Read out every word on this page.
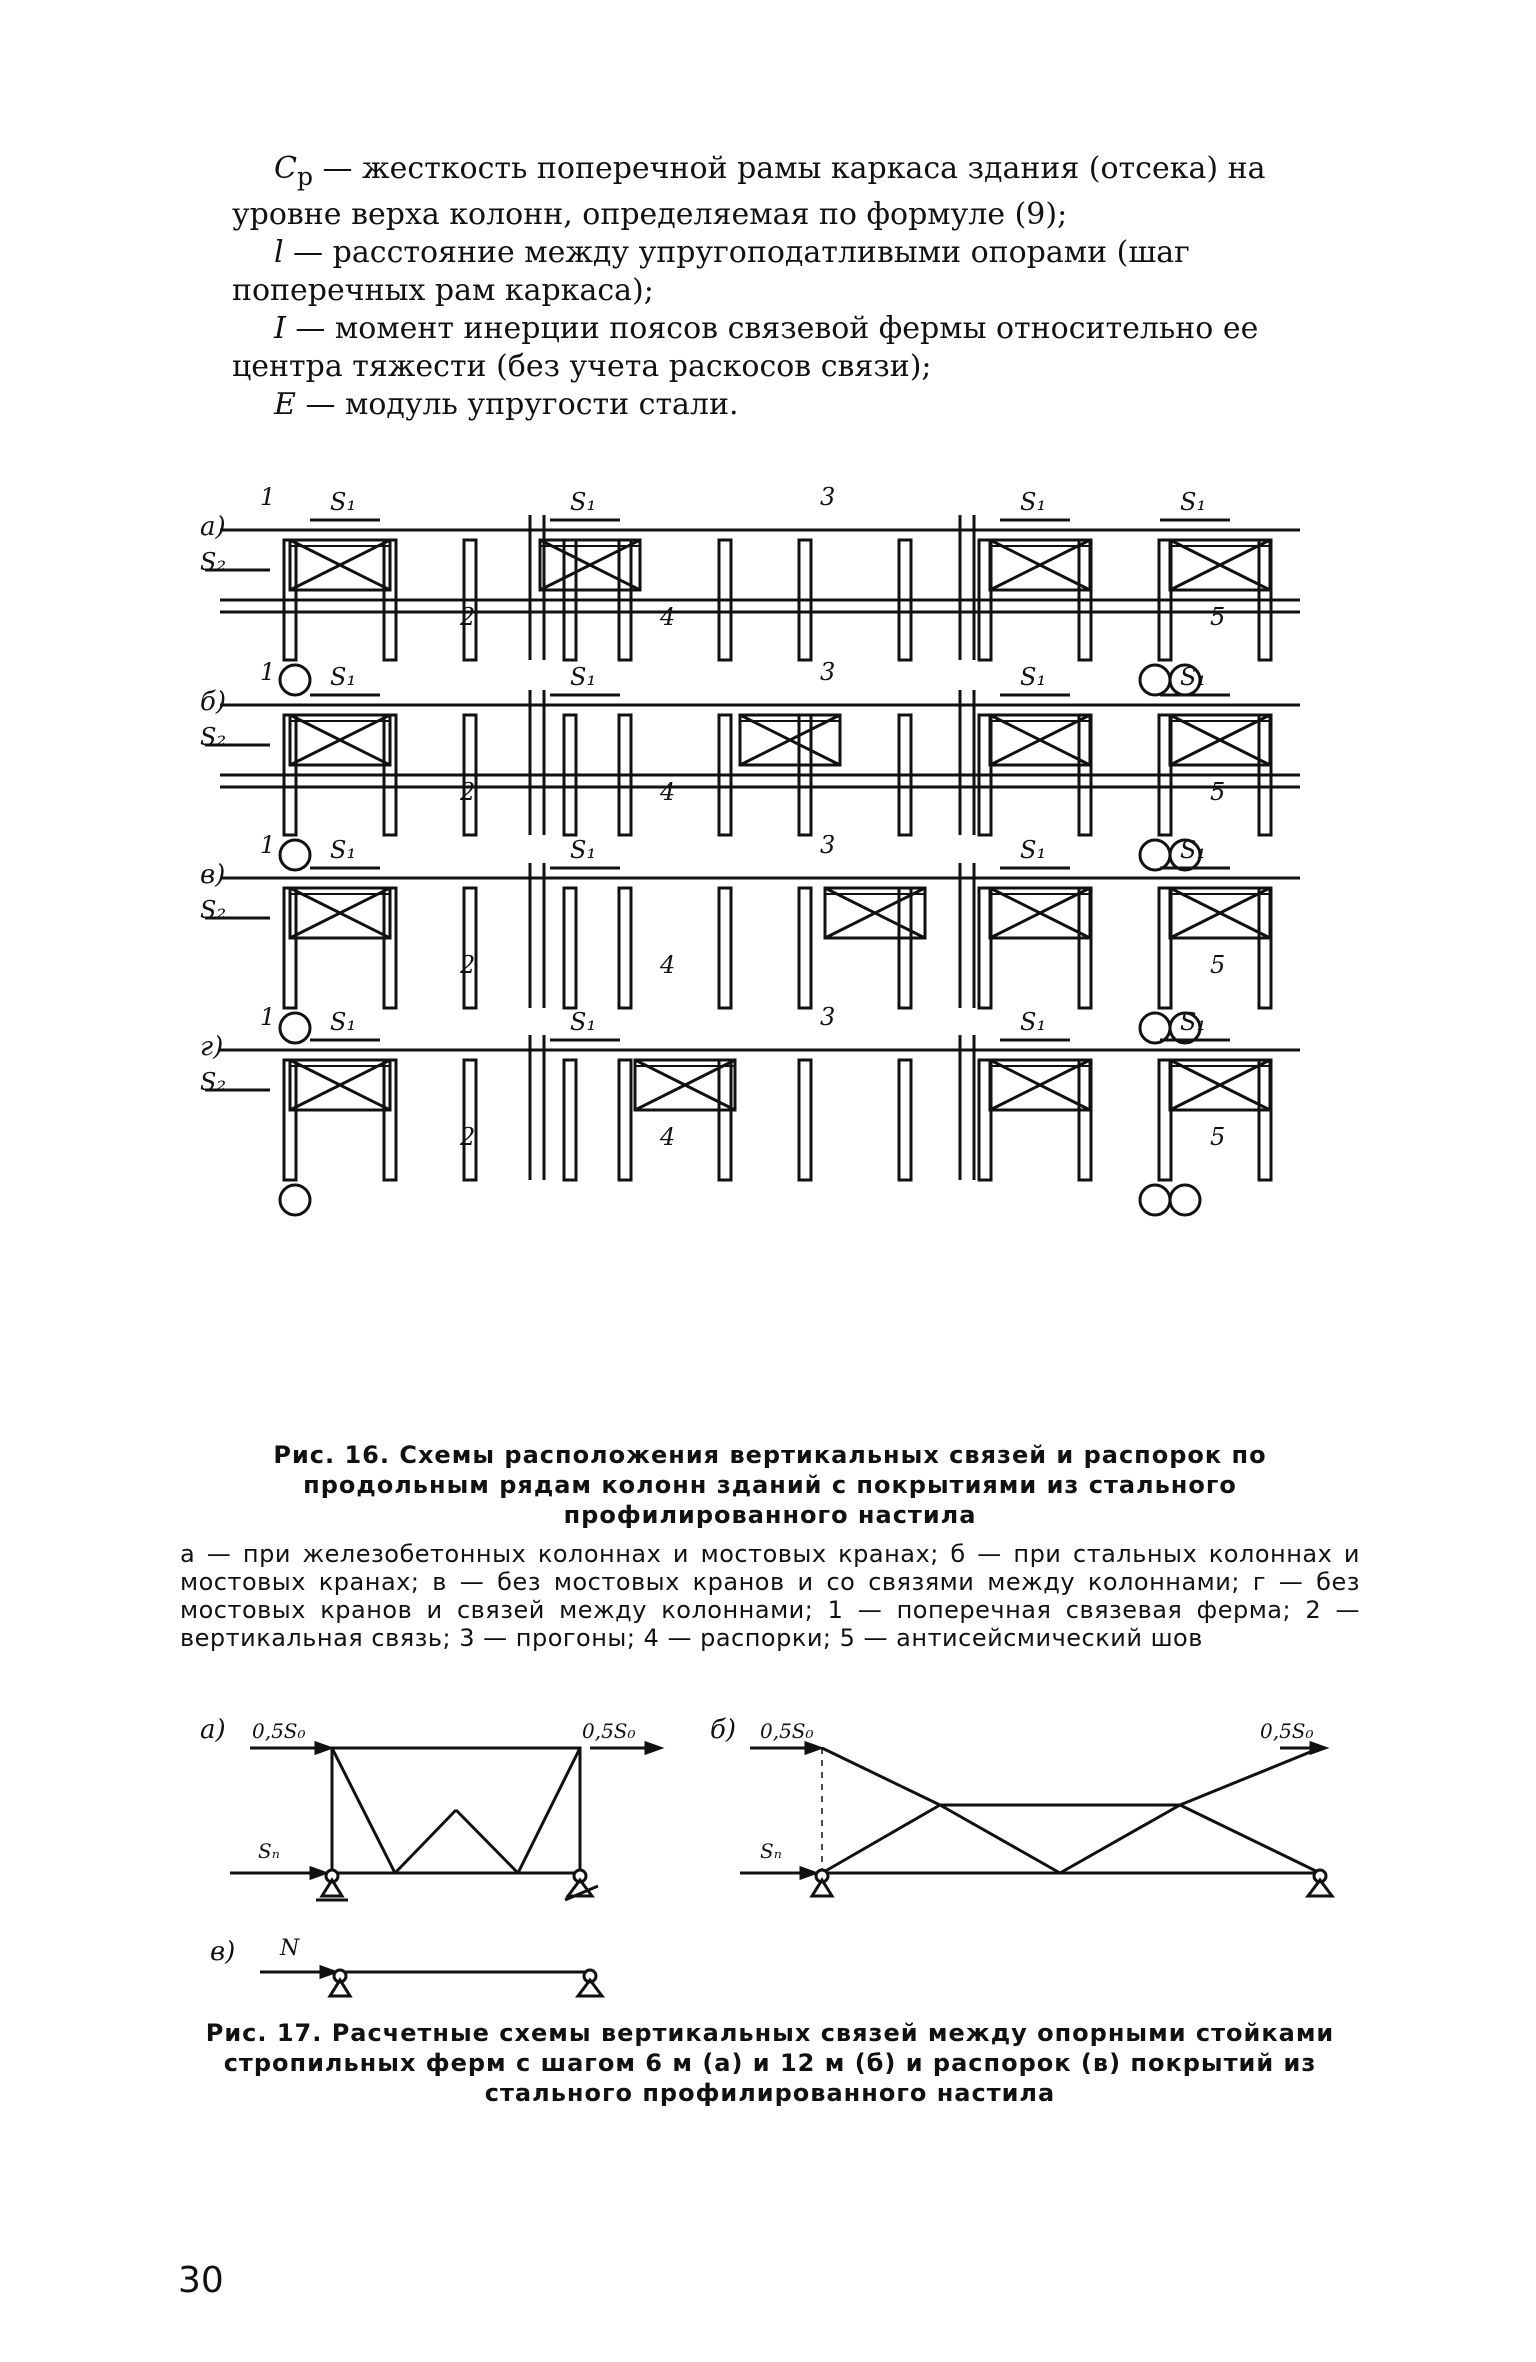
$C_р$ — жесткость поперечной рамы каркаса здания (отсека) на уровне верха колонн, определяемая по формуле (9);

l — расстояние между упругоподатливыми опорами (шаг поперечных рам каркаса);

I — момент инерции поясов связевой фермы относительно ее центра тяжести (без учета раскосов связи);

E — модуль упругости стали.

а)
S₂
S₁	S₁	S₁	S₁
1
2
3
4	5
б)
S₂
S₁	S₁	S₁	S₁
1
2
3
4	5
в)
S₂
S₁	S₁	S₁	S₁
1
2
3
4	5
г)
S₂
S₁	S₁	S₁	S₁
1
2
3
4	5
Рис. 16. Схемы расположения вертикальных связей и распорок по продольным рядам колонн зданий с покрытиями из стального профилированного настила
а — при железобетонных колоннах и мостовых кранах; б — при стальных колоннах и мостовых кранах; в — без мостовых кранов и со связями между колоннами; г — без мостовых кранов и связей между колоннами; 1 — поперечная связевая ферма; 2 — вертикальная связь; 3 — прогоны; 4 — распорки; 5 — антисейсмический шов
а) 0,5S₀	0,5S₀
Sₙ
б) 0,5S₀	0,5S₀
Sₙ
в) N
Рис. 17. Расчетные схемы вертикальных связей между опорными стойками стропильных ферм с шагом 6 м (а) и 12 м (б) и распорок (в) покрытий из стального профилированного настила
30
